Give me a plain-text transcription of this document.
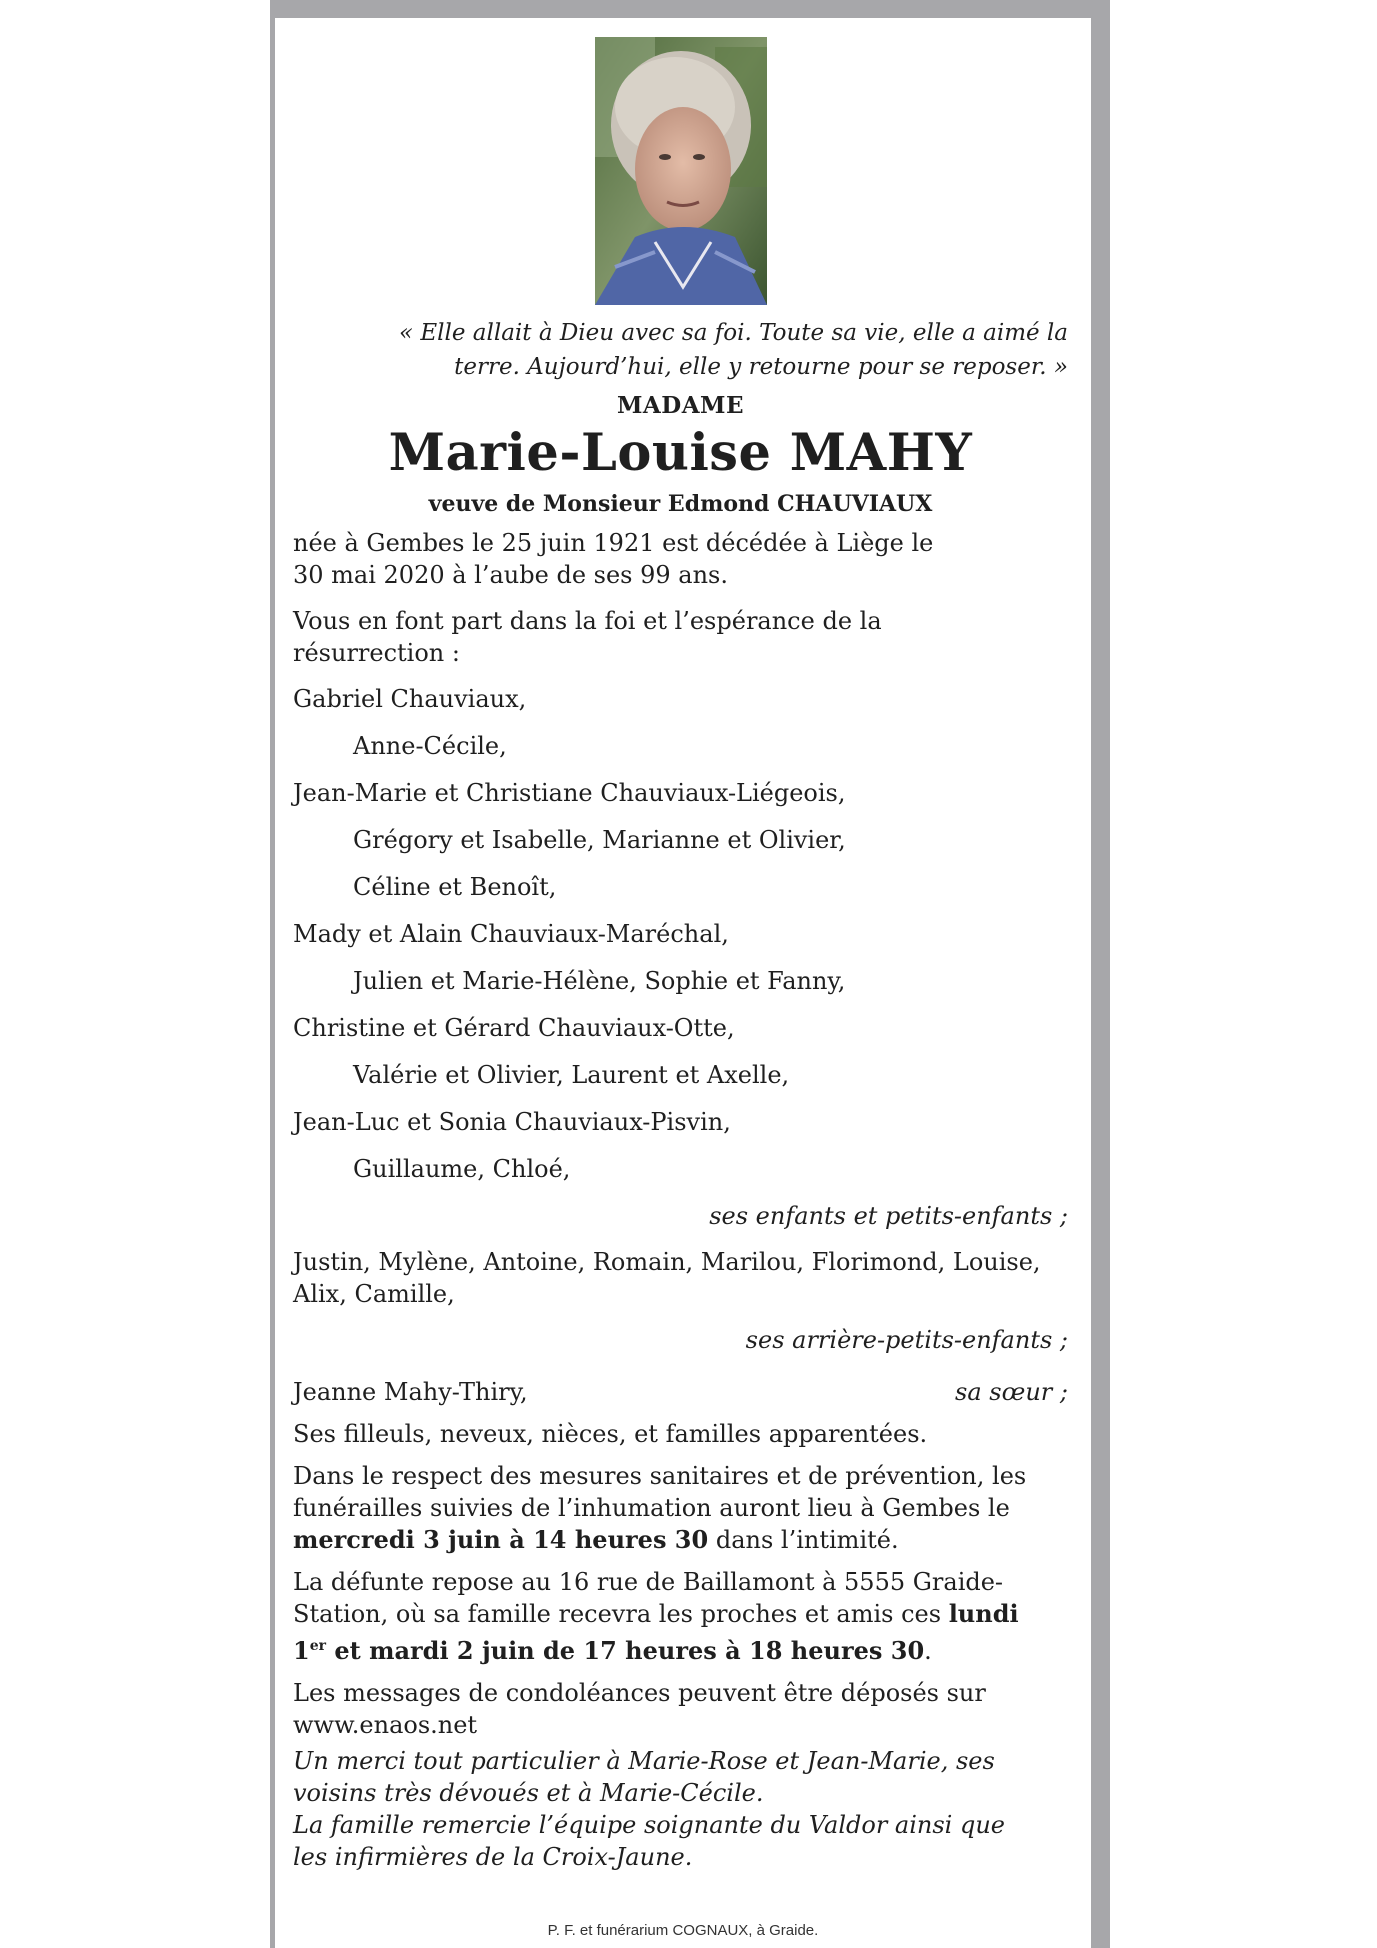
« Elle allait à Dieu avec sa foi. Toute sa vie, elle a aimé la
terre. Aujourd’hui, elle y retourne pour se reposer. »

MADAME

Marie-Louise MAHY

veuve de Monsieur Edmond CHAUVIAUX

née à Gembes le 25 juin 1921 est décédée à Liège le
30 mai 2020 à l’aube de ses 99 ans.

Vous en font part dans la foi et l’espérance de la
résurrection :

Gabriel Chauviaux,

Anne-Cécile,

Jean-Marie et Christiane Chauviaux-Liégeois,

Grégory et Isabelle, Marianne et Olivier,

Céline et Benoît,

Mady et Alain Chauviaux-Maréchal,

Julien et Marie-Hélène, Sophie et Fanny,

Christine et Gérard Chauviaux-Otte,

Valérie et Olivier, Laurent et Axelle,

Jean-Luc et Sonia Chauviaux-Pisvin,

Guillaume, Chloé,

ses enfants et petits-enfants ;

Justin, Mylène, Antoine, Romain, Marilou, Florimond, Louise,
Alix, Camille,

ses arrière-petits-enfants ;

Jeanne Mahy-Thiry,	sa sœur ;

Ses filleuls, neveux, nièces, et familles apparentées.

Dans le respect des mesures sanitaires et de prévention, les
funérailles suivies de l’inhumation auront lieu à Gembes le
mercredi 3 juin à 14 heures 30 dans l’intimité.

La défunte repose au 16 rue de Baillamont à 5555 Graide-
Station, où sa famille recevra les proches et amis ces lundi
1er et mardi 2 juin de 17 heures à 18 heures 30.

Les messages de condoléances peuvent être déposés sur
www.enaos.net

Un merci tout particulier à Marie-Rose et Jean-Marie, ses
voisins très dévoués et à Marie-Cécile.
La famille remercie l’équipe soignante du Valdor ainsi que
les infirmières de la Croix-Jaune.

P. F. et funérarium COGNAUX, à Graide.
